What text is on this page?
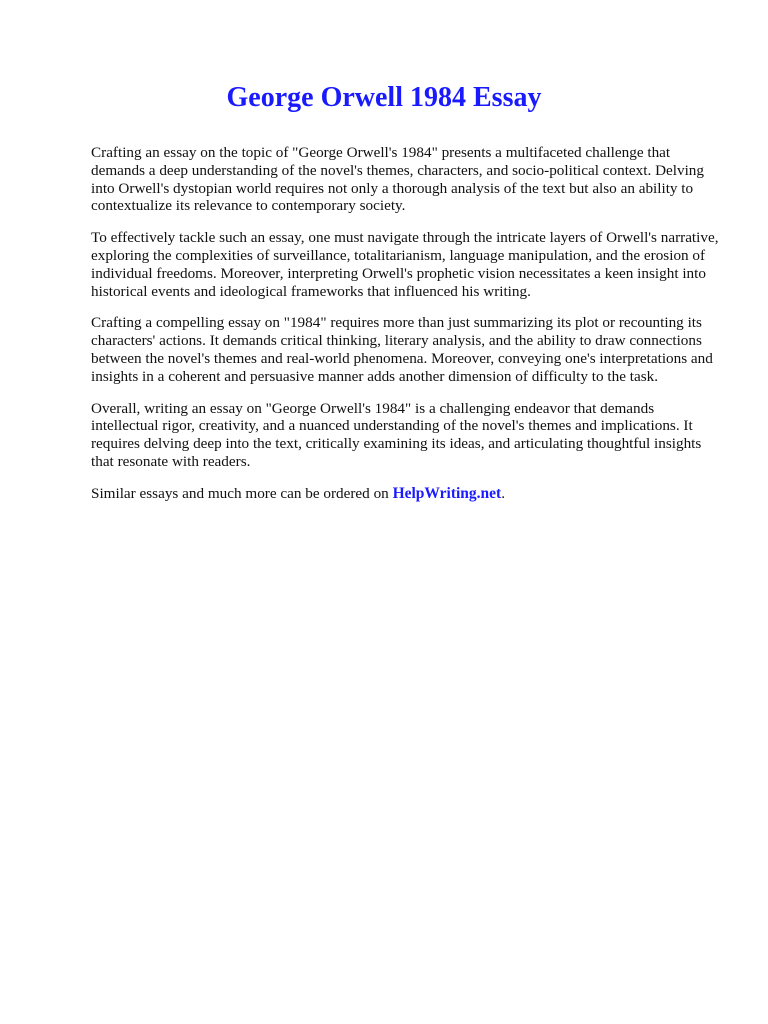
George Orwell 1984 Essay

Crafting an essay on the topic of "George Orwell's 1984" presents a multifaceted challenge that demands a deep understanding of the novel's themes, characters, and socio-political context. Delving into Orwell's dystopian world requires not only a thorough analysis of the text but also an ability to contextualize its relevance to contemporary society.

To effectively tackle such an essay, one must navigate through the intricate layers of Orwell's narrative, exploring the complexities of surveillance, totalitarianism, language manipulation, and the erosion of individual freedoms. Moreover, interpreting Orwell's prophetic vision necessitates a keen insight into historical events and ideological frameworks that influenced his writing.

Crafting a compelling essay on "1984" requires more than just summarizing its plot or recounting its characters' actions. It demands critical thinking, literary analysis, and the ability to draw connections between the novel's themes and real-world phenomena. Moreover, conveying one's interpretations and insights in a coherent and persuasive manner adds another dimension of difficulty to the task.

Overall, writing an essay on "George Orwell's 1984" is a challenging endeavor that demands intellectual rigor, creativity, and a nuanced understanding of the novel's themes and implications. It requires delving deep into the text, critically examining its ideas, and articulating thoughtful insights that resonate with readers.

Similar essays and much more can be ordered on HelpWriting.net.
